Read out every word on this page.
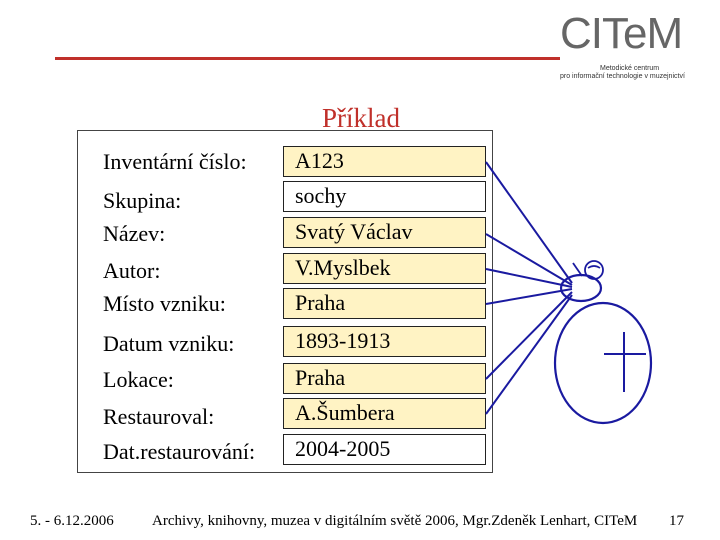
CITeM
Metodické centrum
pro informační technologie v muzejnictví
Příklad
Inventární číslo:
Skupina:
Název:
Autor:
Místo vzniku:
Datum vzniku:
Lokace:
Restauroval:
Dat.restaurování:
A123
sochy
Svatý Václav
V.Myslbek
Praha
1893-1913
Praha
A.Šumbera
2004-2005
5. - 6.12.2006	Archivy, knihovny, muzea v digitálním světě 2006, Mgr.Zdeněk Lenhart, CITeM 17
